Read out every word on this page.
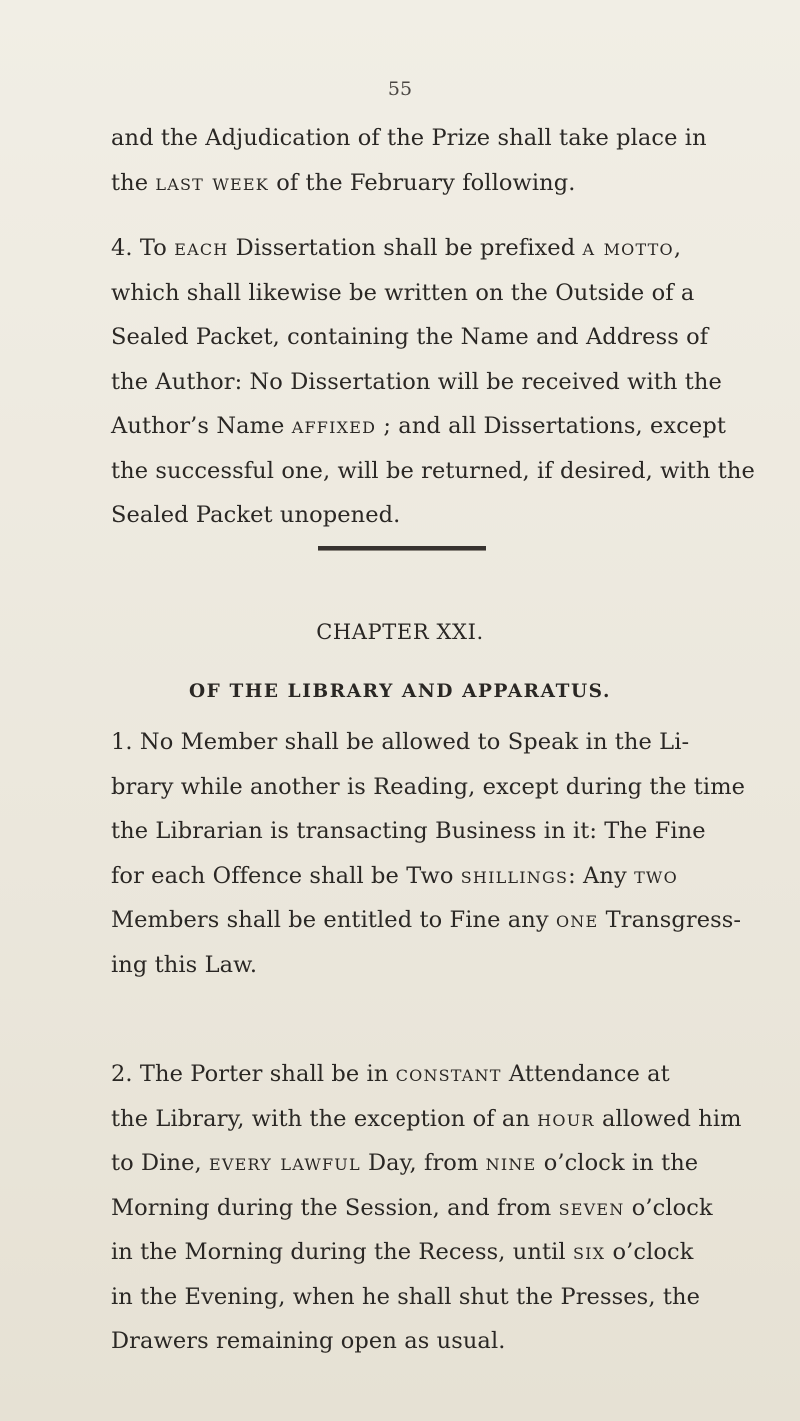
55
and the Adjudication of the Prize shall take place in
the last week of the February following.
4. To each Dissertation shall be prefixed a motto,
which shall likewise be written on the Outside of a
Sealed Packet, containing the Name and Address of
the Author: No Dissertation will be received with the
Author’s Name affixed ; and all Dissertations, except
the successful one, will be returned, if desired, with the
Sealed Packet unopened.
CHAPTER XXI.
OF THE LIBRARY AND APPARATUS.
1. No Member shall be allowed to Speak in the Li-
brary while another is Reading, except during the time
the Librarian is transacting Business in it: The Fine
for each Offence shall be Two shillings: Any two
Members shall be entitled to Fine any one Transgress-
ing this Law.
2. The Porter shall be in constant Attendance at
the Library, with the exception of an hour allowed him
to Dine, every lawful Day, from nine o’clock in the
Morning during the Session, and from seven o’clock
in the Morning during the Recess, until six o’clock
in the Evening, when he shall shut the Presses, the
Drawers remaining open as usual.
